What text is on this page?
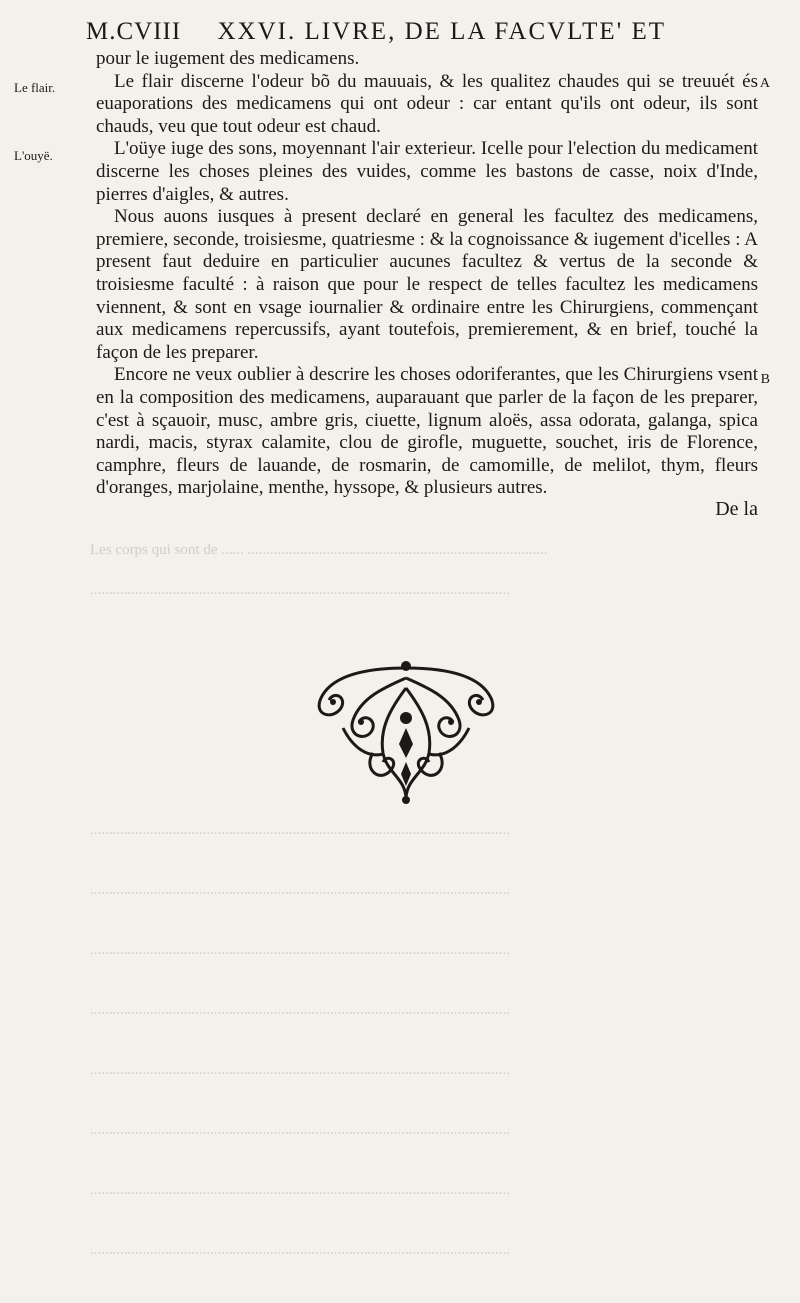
Les corps qui sont de ...... ................................................................................
................................................................................................................
................................................................................................................
................................................................................................................
................................................................................................................
................................................................................................................
................................................................................................................
................................................................................................................
................................................................................................................
................................................................................................................
M.CVIII XXVI. LIVRE, DE LA FACVLTE' ET
Le flair.
L'ouyë.
A
B

pour le iugement des medicamens.

Le flair discerne l'odeur bõ du mauuais, & les qualitez chaudes qui se treuuét és euaporations des medicamens qui ont odeur : car entant qu'ils ont odeur, ils sont chauds, veu que tout odeur est chaud.

L'oüye iuge des sons, moyennant l'air exterieur. Icelle pour l'election du medicament discerne les choses pleines des vuides, comme les bastons de casse, noix d'Inde, pierres d'aigles, & autres.

Nous auons iusques à present declaré en general les facultez des medicamens, premiere, seconde, troisiesme, quatriesme : & la cognoissance & iugement d'icelles : A present faut deduire en particulier aucunes facultez & vertus de la seconde & troisiesme faculté : à raison que pour le respect de telles facultez les medicamens viennent, & sont en vsage iournalier & ordinaire entre les Chirurgiens, commençant aux medicamens repercussifs, ayant toutefois, premierement, & en brief, touché la façon de les preparer.

Encore ne veux oublier à descrire les choses odoriferantes, que les Chirurgiens vsent en la composition des medicamens, auparauant que parler de la façon de les preparer, c'est à sçauoir, musc, ambre gris, ciuette, lignum aloës, assa odorata, galanga, spica nardi, macis, styrax calamite, clou de girofle, muguette, souchet, iris de Florence, camphre, fleurs de lauande, de rosmarin, de camomille, de melilot, thym, fleurs d'oranges, marjolaine, menthe, hyssope, & plusieurs autres.

De la
